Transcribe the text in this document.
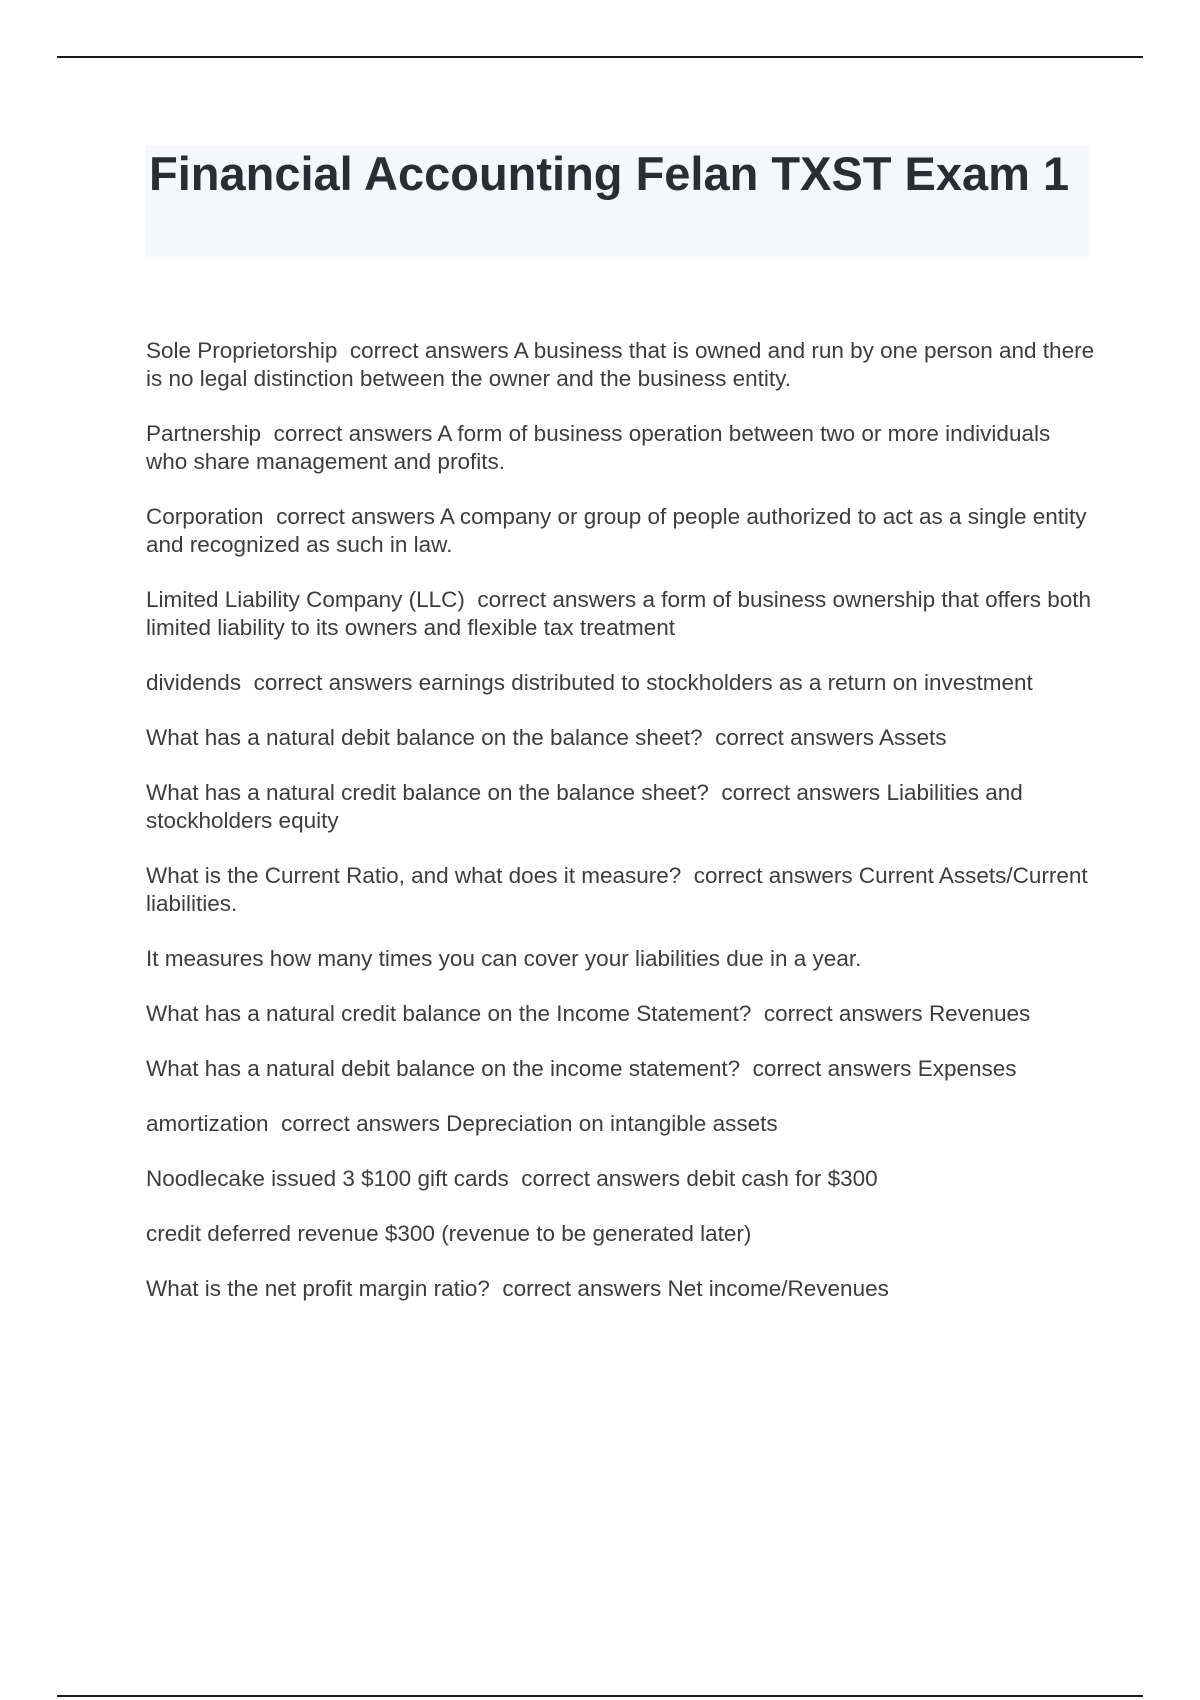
Financial Accounting Felan TXST Exam 1

Sole Proprietorship correct answers A business that is owned and run by one person and there is no legal distinction between the owner and the business entity.

Partnership correct answers A form of business operation between two or more individuals who share management and profits.

Corporation correct answers A company or group of people authorized to act as a single entity and recognized as such in law.

Limited Liability Company (LLC) correct answers a form of business ownership that offers both limited liability to its owners and flexible tax treatment

dividends correct answers earnings distributed to stockholders as a return on investment

What has a natural debit balance on the balance sheet? correct answers Assets

What has a natural credit balance on the balance sheet? correct answers Liabilities and stockholders equity

What is the Current Ratio, and what does it measure? correct answers Current Assets/Current liabilities.

It measures how many times you can cover your liabilities due in a year.

What has a natural credit balance on the Income Statement? correct answers Revenues

What has a natural debit balance on the income statement? correct answers Expenses

amortization correct answers Depreciation on intangible assets

Noodlecake issued 3 $100 gift cards correct answers debit cash for $300

credit deferred revenue $300 (revenue to be generated later)

What is the net profit margin ratio? correct answers Net income/Revenues
